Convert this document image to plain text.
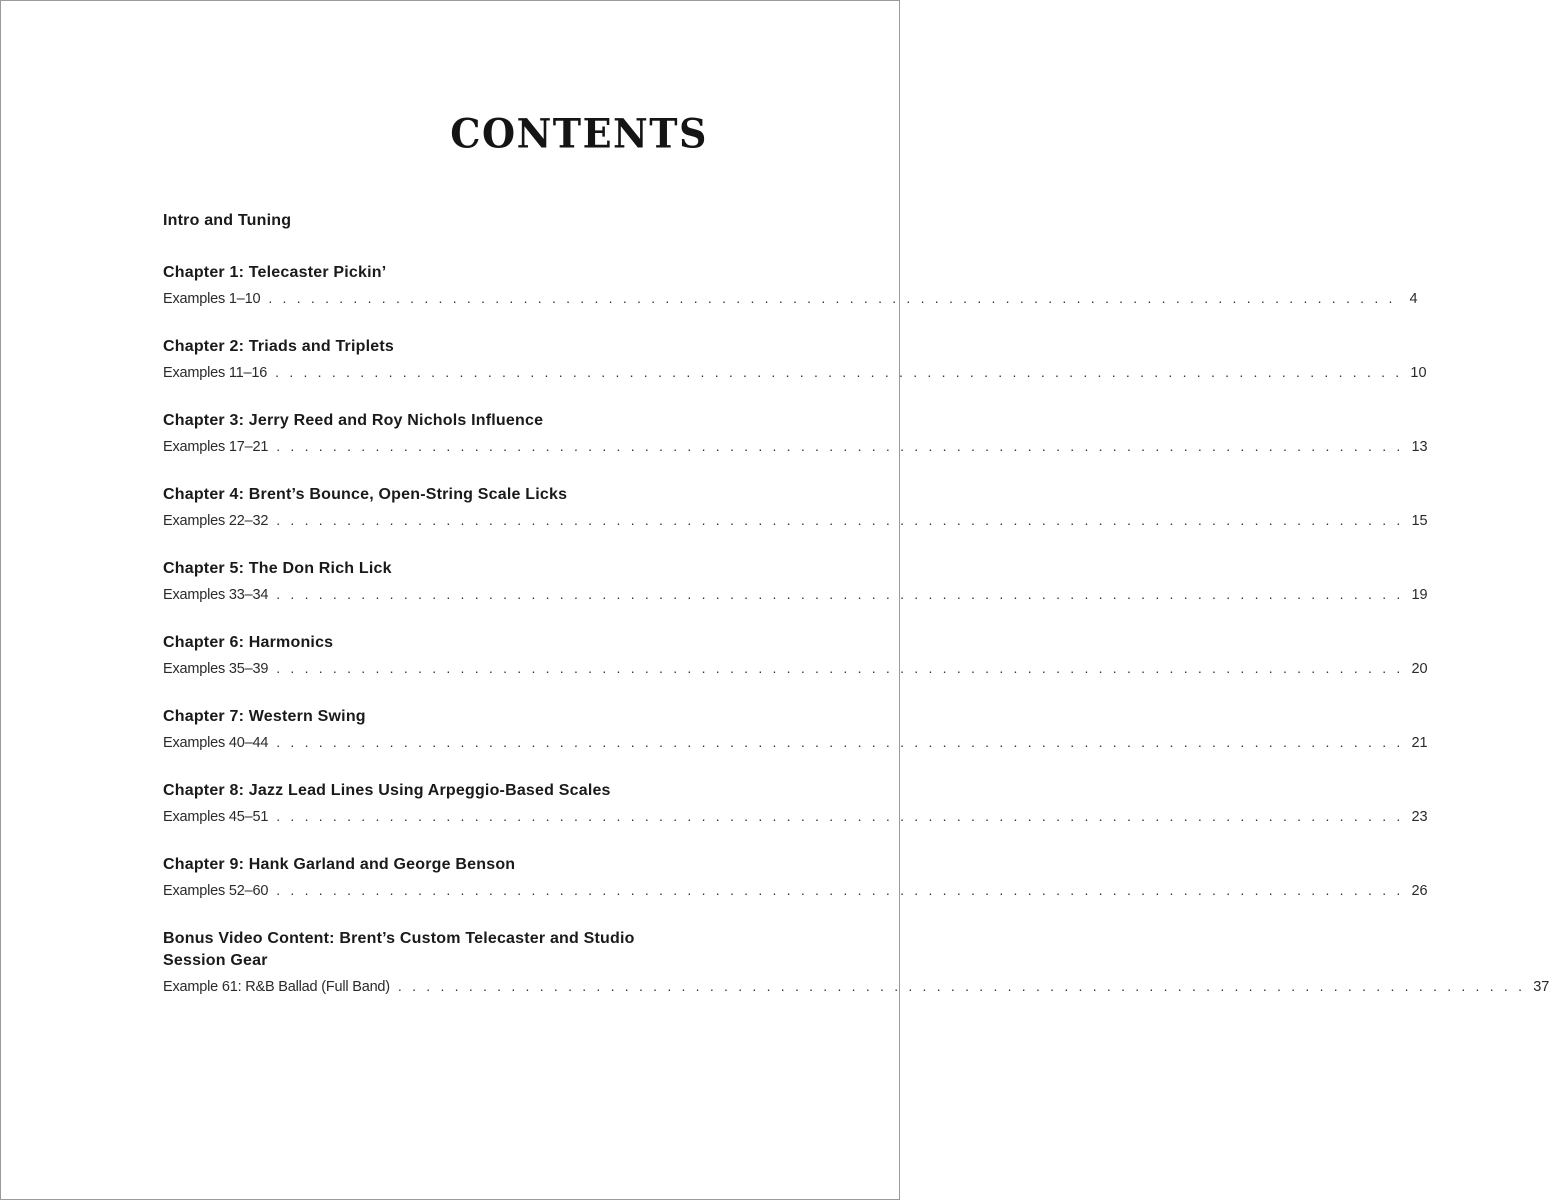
CONTENTS
Intro and Tuning
Chapter 1: Telecaster Pickin’
Examples 1–10 . . . . . . . . . . . . . . . . . . . . . . . . . . . . . . . . . . . . . . . . . . . . . . . . . . . . . . . . . . . . . . . . . . . . . . . . . . . . . . . . 4
Chapter 2: Triads and Triplets
Examples 11–16 . . . . . . . . . . . . . . . . . . . . . . . . . . . . . . . . . . . . . . . . . . . . . . . . . . . . . . . . . . . . . . . . . . . . . . . . . . . . . . . . 10
Chapter 3: Jerry Reed and Roy Nichols Influence
Examples 17–21 . . . . . . . . . . . . . . . . . . . . . . . . . . . . . . . . . . . . . . . . . . . . . . . . . . . . . . . . . . . . . . . . . . . . . . . . . . . . . . . . 13
Chapter 4: Brent’s Bounce, Open-String Scale Licks
Examples 22–32 . . . . . . . . . . . . . . . . . . . . . . . . . . . . . . . . . . . . . . . . . . . . . . . . . . . . . . . . . . . . . . . . . . . . . . . . . . . . . . . . 15
Chapter 5: The Don Rich Lick
Examples 33–34 . . . . . . . . . . . . . . . . . . . . . . . . . . . . . . . . . . . . . . . . . . . . . . . . . . . . . . . . . . . . . . . . . . . . . . . . . . . . . . . . 19
Chapter 6: Harmonics
Examples 35–39 . . . . . . . . . . . . . . . . . . . . . . . . . . . . . . . . . . . . . . . . . . . . . . . . . . . . . . . . . . . . . . . . . . . . . . . . . . . . . . . . 20
Chapter 7: Western Swing
Examples 40–44 . . . . . . . . . . . . . . . . . . . . . . . . . . . . . . . . . . . . . . . . . . . . . . . . . . . . . . . . . . . . . . . . . . . . . . . . . . . . . . . . 21
Chapter 8: Jazz Lead Lines Using Arpeggio-Based Scales
Examples 45–51 . . . . . . . . . . . . . . . . . . . . . . . . . . . . . . . . . . . . . . . . . . . . . . . . . . . . . . . . . . . . . . . . . . . . . . . . . . . . . . . . 23
Chapter 9: Hank Garland and George Benson
Examples 52–60 . . . . . . . . . . . . . . . . . . . . . . . . . . . . . . . . . . . . . . . . . . . . . . . . . . . . . . . . . . . . . . . . . . . . . . . . . . . . . . . . 26
Bonus Video Content: Brent’s Custom Telecaster and Studio Session Gear
Example 61: R&B Ballad (Full Band) . . . . . . . . . . . . . . . . . . . . . . . . . . . . . . . . . . . . . . . . . . . . . . . . . . . . . . . . . . . . . . . . . . . . . . . . . . . . . . . . 37
